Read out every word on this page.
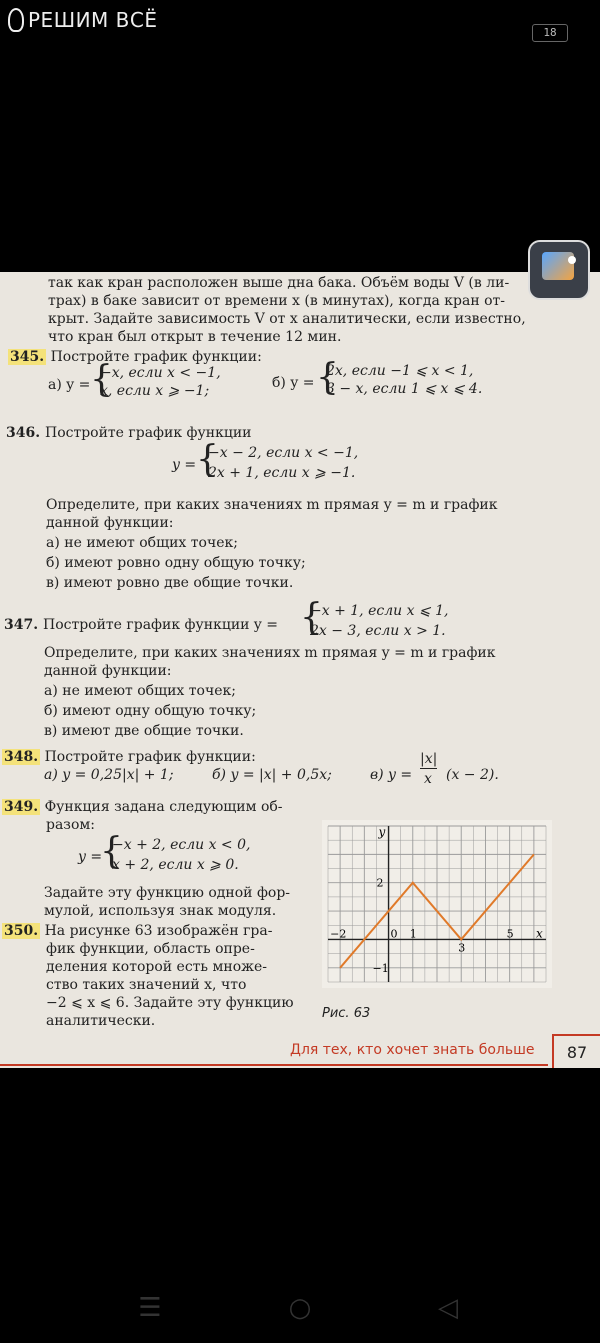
РЕШИМ ВСЁ
18
так как кран расположен выше дна бака. Объём воды V (в ли-
трах) в баке зависит от времени x (в минутах), когда кран от-
крыт. Задайте зависимость V от x аналитически, если известно,
что кран был открыт в течение 12 мин.
345. Постройте график функции:
а) y = {
−x, если x < −1,
x, если x ⩾ −1;	б) y = {
2x, если −1 ⩽ x < 1,
3 − x, если 1 ⩽ x ⩽ 4.
346. Постройте график функции
y = {
−x − 2, если x < −1,
2x + 1, если x ⩾ −1.
Определите, при каких значениях m прямая y = m и график
данной функции:
а) не имеют общих точек;
б) имеют ровно одну общую точку;
в) имеют ровно две общие точки.
347. Постройте график функции y = {
−x + 1, если x ⩽ 1,
2x − 3, если x > 1.
Определите, при каких значениях m прямая y = m и график
данной функции:
а) не имеют общих точек;
б) имеют одну общую точку;
в) имеют две общие точки.
348. Постройте график функции:
а) y = 0,25|x| + 1;	б) y = |x| + 0,5x;	в) y =
|x|
x (x − 2).
349. Функция задана следующим об-
разом:
y =
{
−x + 2, если x < 0,
x + 2, если x ⩾ 0.
Задайте эту функцию одной фор-
мулой, используя знак модуля.
350. На рисунке 63 изображён гра-
фик функции, область опре-
деления которой есть множе-
ство таких значений x, что
−2 ⩽ x ⩽ 6. Задайте эту функцию
аналитически.
y
x
−2	0 1
3
5
2
−1
Рис. 63
Для тех, кто хочет знать больше	87
☰	○	◁
